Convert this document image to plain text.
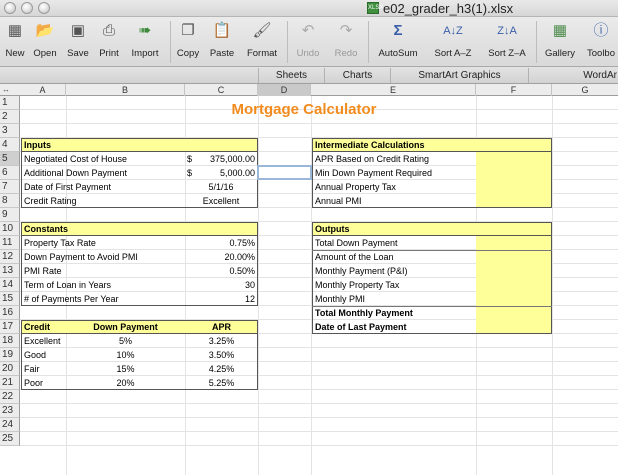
XLSX e02_grader_h3(1).xlsx
▦
New
📂
Open
▣
Save
⎙
Print
➠
Import
❐
Copy
📋
Paste
🖌
Format
↶
Undo
↷
Redo
Σ
AutoSum
A↓Z
Sort A–Z
Z↓A
Sort Z–A
▦
Gallery
ⓘ
Toolbo
Sheets	Charts	SmartArt Graphics	WordAr
↔	A	B	C	D	E	F	G
1
2
3
4
5
6
7
8
9
10
11
12
13
14
15
16
17
18
19
20
21
22
23
24
25
Mortgage Calculator
Inputs
Negotiated Cost of House	$	375,000.00
Additional Down Payment	$	5,000.00
Date of First Payment	5/1/16
Credit Rating	Excellent
Constants
Property Tax Rate	0.75%
Down Payment to Avoid PMI	20.00%
PMI Rate	0.50%
Term of Loan in Years	30
# of Payments Per Year	12
Credit	Down Payment	APR
Excellent	5%	3.25%
Good	10%	3.50%
Fair	15%	4.25%
Poor	20%	5.25%
Intermediate Calculations
APR Based on Credit Rating
Min Down Payment Required
Annual Property Tax
Annual PMI
Outputs
Total Down Payment
Amount of the Loan
Monthly Payment (P&I)
Monthly Property Tax
Monthly PMI
Total Monthly Payment
Date of Last Payment
